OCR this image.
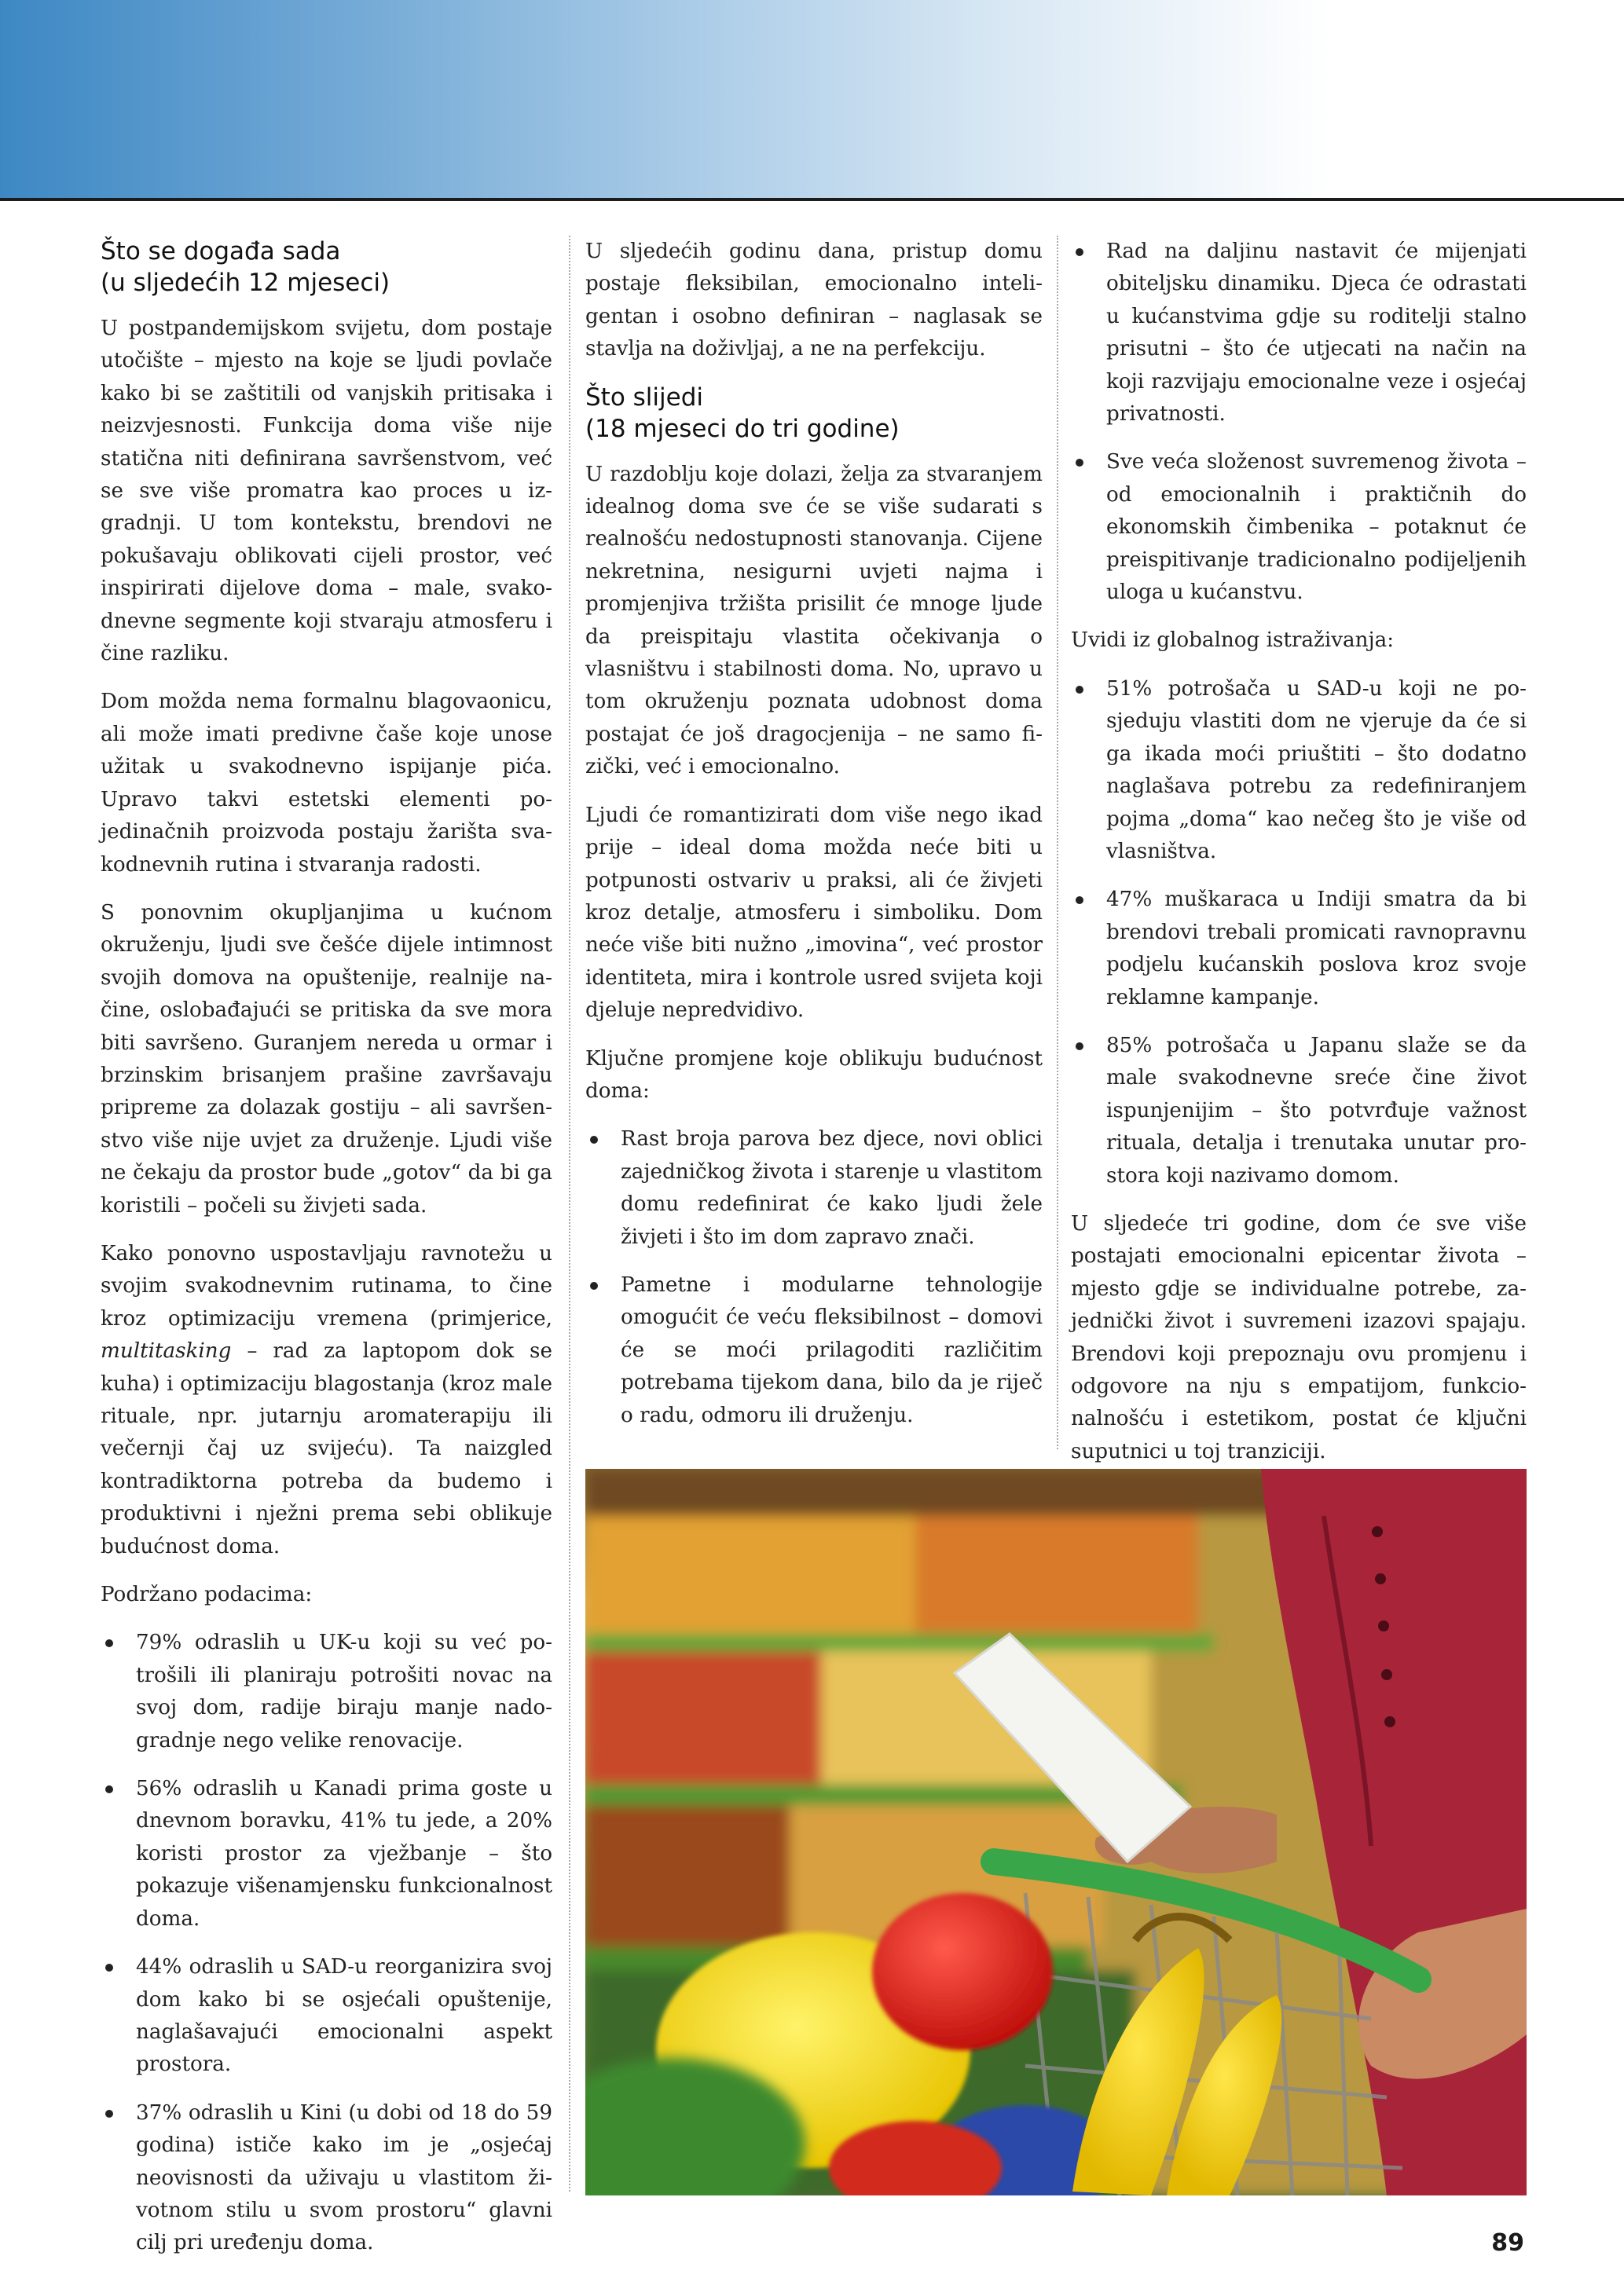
Što se događa sada
(u sljedećih 12 mjeseci)

U postpandemijskom svijetu, dom postaje utočište – mjesto na koje se ljudi povlače kako bi se zaštitili od vanjskih pritisaka i neizvjesnosti. Funkcija doma više nije statična niti definirana savršenstvom, već se sve više promatra kao proces u izgradnji. U tom kontekstu, brendovi ne pokušavaju oblikovati cijeli prostor, već inspirirati dijelove doma – male, svakodnevne segmente koji stvaraju atmosferu i čine razliku.

Dom možda nema formalnu blagovaonicu, ali može imati predivne čaše koje unose užitak u svakodnevno ispijanje pića. Upravo takvi estetski elementi pojedinačnih proizvoda postaju žarišta svakodnevnih rutina i stvaranja radosti.

S ponovnim okupljanjima u kućnom okruženju, ljudi sve češće dijele intimnost svojih domova na opuštenije, realnije načine, oslobađajući se pritiska da sve mora biti savršeno. Guranjem nereda u ormar i brzinskim brisanjem prašine završavaju pripreme za dolazak gostiju – ali savršenstvo više nije uvjet za druženje. Ljudi više ne čekaju da prostor bude „gotov“ da bi ga koristili – počeli su živjeti sada.

Kako ponovno uspostavljaju ravnotežu u svojim svakodnevnim rutinama, to čine kroz optimizaciju vremena (primjerice, multitasking – rad za laptopom dok se kuha) i optimizaciju blagostanja (kroz male rituale, npr. jutarnju aromaterapiju ili večernji čaj uz svijeću). Ta naizgled kontradiktorna potreba da budemo i produktivni i nježni prema sebi oblikuje budućnost doma.

Podržano podacima:

79% odraslih u UK-u koji su već potrošili ili planiraju potrošiti novac na svoj dom, radije biraju manje nadogradnje nego velike renovacije.
56% odraslih u Kanadi prima goste u dnevnom boravku, 41% tu jede, a 20% koristi prostor za vježbanje – što pokazuje višenamjensku funkcionalnost doma.
44% odraslih u SAD-u reorganizira svoj dom kako bi se osjećali opuštenije, naglašavajući emocionalni aspekt prostora.
37% odraslih u Kini (u dobi od 18 do 59 godina) ističe kako im je „osjećaj neovisnosti da uživaju u vlastitom životnom stilu u svom prostoru“ glavni cilj pri uređenju doma.

U sljedećih godinu dana, pristup domu postaje fleksibilan, emocionalno inteligentan i osobno definiran – naglasak se stavlja na doživljaj, a ne na perfekciju.

Što slijedi
(18 mjeseci do tri godine)

U razdoblju koje dolazi, želja za stvaranjem idealnog doma sve će se više sudarati s realnošću nedostupnosti stanovanja. Cijene nekretnina, nesigurni uvjeti najma i promjenjiva tržišta prisilit će mnoge ljude da preispitaju vlastita očekivanja o vlasništvu i stabilnosti doma. No, upravo u tom okruženju poznata udobnost doma postajat će još dragocjenija – ne samo fizički, već i emocionalno.

Ljudi će romantizirati dom više nego ikad prije – ideal doma možda neće biti u potpunosti ostvariv u praksi, ali će živjeti kroz detalje, atmosferu i simboliku. Dom neće više biti nužno „imovina“, već prostor identiteta, mira i kontrole usred svijeta koji djeluje nepredvidivo.

Ključne promjene koje oblikuju budućnost doma:

Rast broja parova bez djece, novi oblici zajedničkog života i starenje u vlastitom domu redefinirat će kako ljudi žele živjeti i što im dom zapravo znači.
Pametne i modularne tehnologije omogućit će veću fleksibilnost – domovi će se moći prilagoditi različitim potrebama tijekom dana, bilo da je riječ o radu, odmoru ili druženju.
Rad na daljinu nastavit će mijenjati obiteljsku dinamiku. Djeca će odrastati u kućanstvima gdje su roditelji stalno prisutni – što će utjecati na način na koji razvijaju emocionalne veze i osjećaj privatnosti.
Sve veća složenost suvremenog života – od emocionalnih i praktičnih do ekonomskih čimbenika – potaknut će preispitivanje tradicionalno podijeljenih uloga u kućanstvu.

Uvidi iz globalnog istraživanja:

51% potrošača u SAD-u koji ne posjeduju vlastiti dom ne vjeruje da će si ga ikada moći priuštiti – što dodatno naglašava potrebu za redefiniranjem pojma „doma“ kao nečeg što je više od vlasništva.
47% muškaraca u Indiji smatra da bi brendovi trebali promicati ravnopravnu podjelu kućanskih poslova kroz svoje reklamne kampanje.
85% potrošača u Japanu slaže se da male svakodnevne sreće čine život ispunjenijim – što potvrđuje važnost rituala, detalja i trenutaka unutar prostora koji nazivamo domom.

U sljedeće tri godine, dom će sve više postajati emocionalni epicentar života – mjesto gdje se individualne potrebe, zajednički život i suvremeni izazovi spajaju. Brendovi koji prepoznaju ovu promjenu i odgovore na nju s empatijom, funkcionalnošću i estetikom, postat će ključni suputnici u toj tranziciji.

89
